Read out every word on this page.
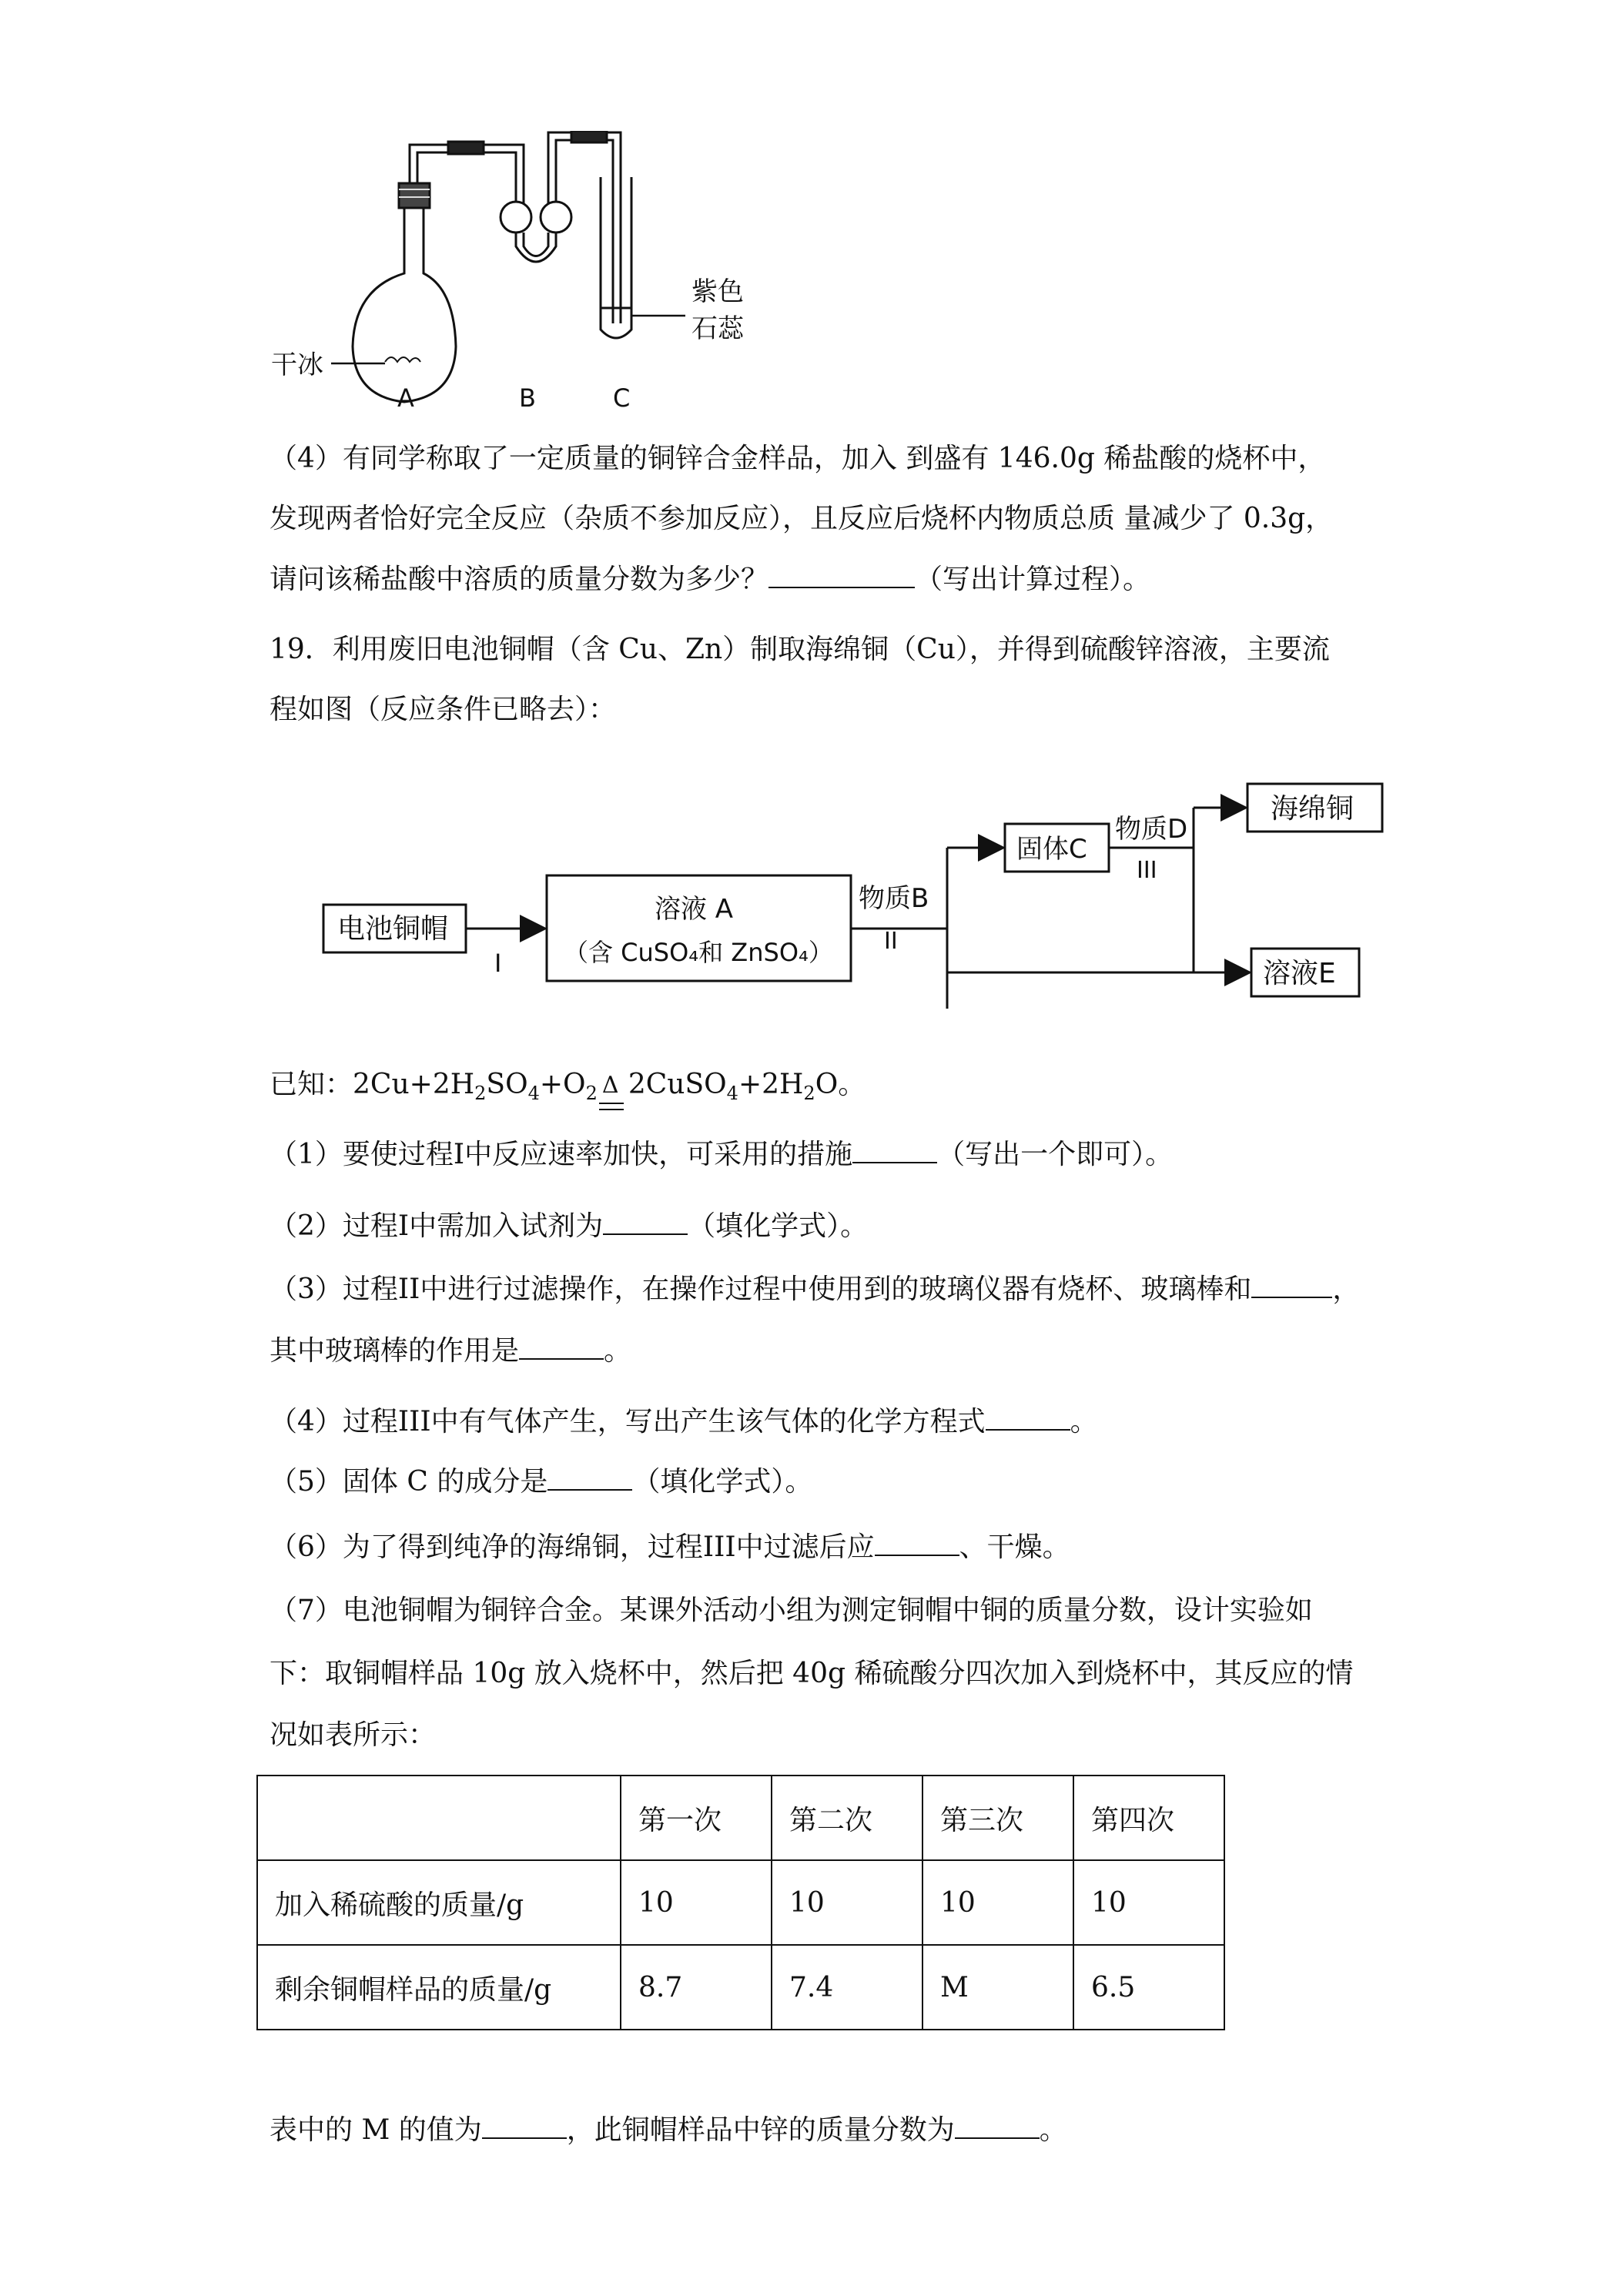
紫色
石蕊
干冰
A	B	C
（4）有同学称取了一定质量的铜锌合金样品，加入 到盛有 146.0g 稀盐酸的烧杯中，
发现两者恰好完全反应（杂质不参加反应），且反应后烧杯内物质总质 量减少了 0.3g，
请问该稀盐酸中溶质的质量分数为多少？	（写出计算过程）。
19．利用废旧电池铜帽（含 Cu、Zn）制取海绵铜（Cu），并得到硫酸锌溶液，主要流
程如图（反应条件已略去）：
电池铜帽
I
溶液 A
（含 CuSO₄和 ZnSO₄）
物质B
II
固体C
物质D
III
海绵铜
溶液E
已知：$2Cu+2H_2SO_4+O_2$ Δ $2CuSO_4+2H_2O$。
（1）要使过程I中反应速率加快，可采用的措施	（写出一个即可）。
（2）过程I中需加入试剂为	（填化学式）。
（3）过程II中进行过滤操作，在操作过程中使用到的玻璃仪器有烧杯、玻璃棒和	，
其中玻璃棒的作用是	。
（4）过程III中有气体产生，写出产生该气体的化学方程式	。
（5）固体 C 的成分是	（填化学式）。
（6）为了得到纯净的海绵铜，过程III中过滤后应	、干燥。
（7）电池铜帽为铜锌合金。某课外活动小组为测定铜帽中铜的质量分数，设计实验如
下：取铜帽样品 10g 放入烧杯中，然后把 40g 稀硫酸分四次加入到烧杯中，其反应的情
况如表所示：
	第一次	第二次	第三次	第四次
加入稀硫酸的质量/g	10	10	10	10
剩余铜帽样品的质量/g	8.7	7.4	M	6.5
表中的 M 的值为	，此铜帽样品中锌的质量分数为	。
